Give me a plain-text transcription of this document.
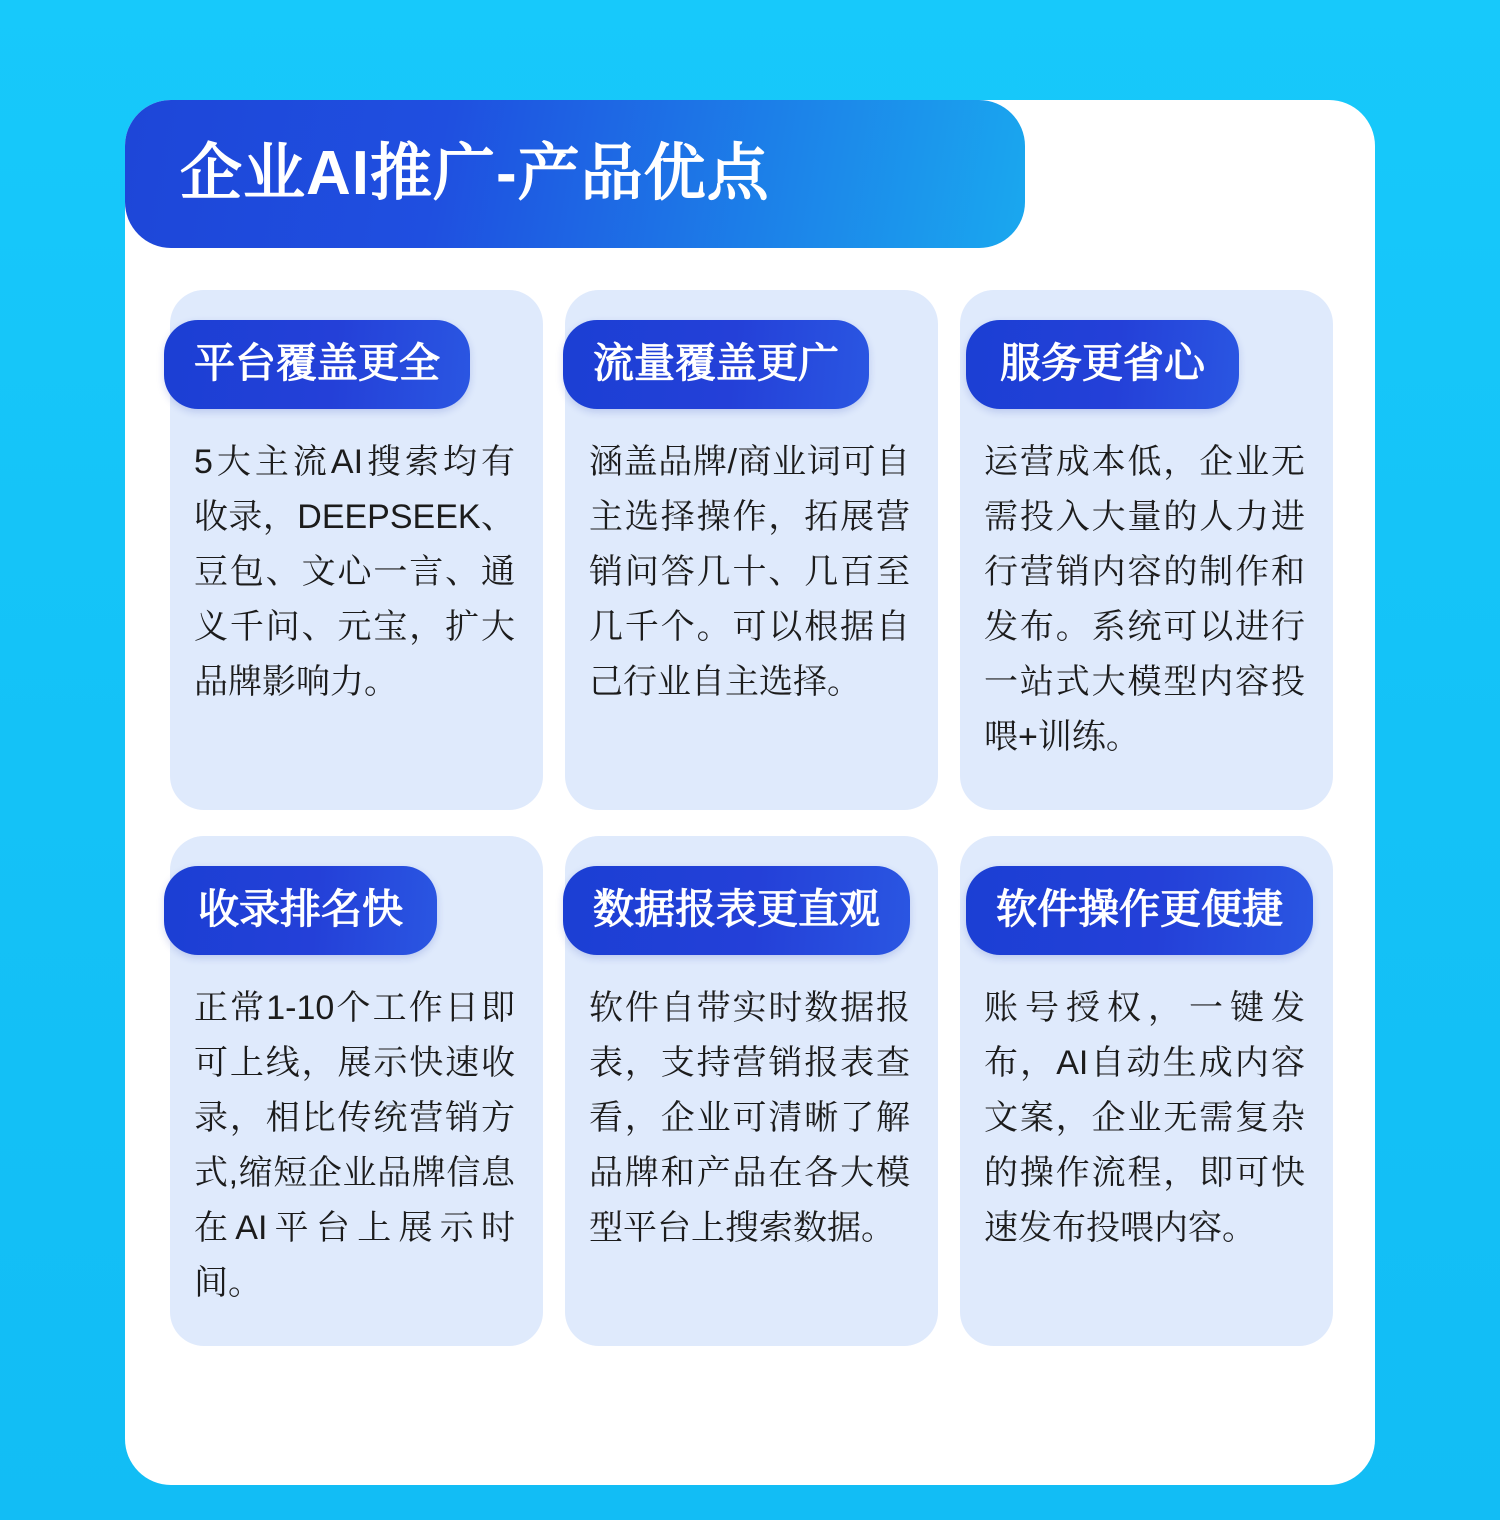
企业AI推广-产品优点
平台覆盖更全
5大主流AI搜索均有收录，DEEPSEEK、豆包、文心一言、通义千问、元宝，扩大品牌影响力。
流量覆盖更广
涵盖品牌/商业词可自主选择操作，拓展营销问答几十、几百至几千个。可以根据自己行业自主选择。
服务更省心
运营成本低，企业无需投入大量的人力进行营销内容的制作和发布。系统可以进行一站式大模型内容投喂+训练。
收录排名快
正常1-10个工作日即可上线，展示快速收录，相比传统营销方式,缩短企业品牌信息在AI平台上展示时间。
数据报表更直观
软件自带实时数据报表，支持营销报表查看，企业可清晰了解品牌和产品在各大模型平台上搜索数据。
软件操作更便捷
账号授权，一键发布，AI自动生成内容文案，企业无需复杂的操作流程，即可快速发布投喂内容。
